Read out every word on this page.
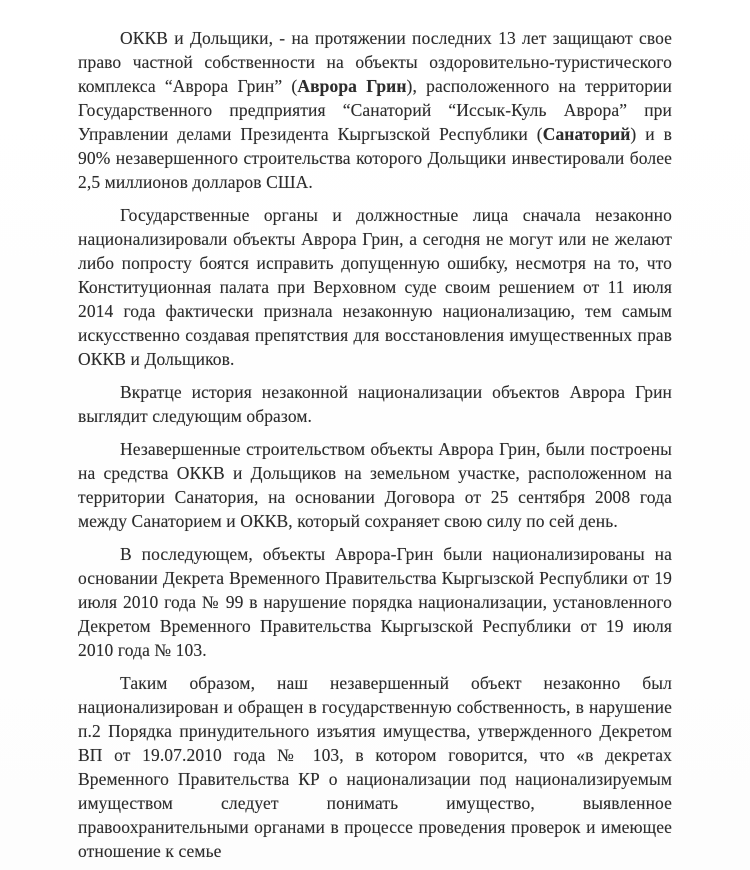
ОККВ и Дольщики, - на протяжении последних 13 лет защищают свое право частной собственности на объекты оздоровительно-туристического комплекса “Аврора Грин” (Аврора Грин), расположенного на территории Государственного предприятия “Санаторий “Иссык-Куль Аврора” при Управлении делами Президента Кыргызской Республики (Санаторий) и в 90% незавершенного строительства которого Дольщики инвестировали более 2,5 миллионов долларов США.

Государственные органы и должностные лица сначала незаконно национализировали объекты Аврора Грин, а сегодня не могут или не желают либо попросту боятся исправить допущенную ошибку, несмотря на то, что Конституционная палата при Верховном суде своим решением от 11 июля 2014 года фактически признала незаконную национализацию, тем самым искусственно создавая препятствия для восстановления имущественных прав ОККВ и Дольщиков.

Вкратце история незаконной национализации объектов Аврора Грин выглядит следующим образом.

Незавершенные строительством объекты Аврора Грин, были построены на средства ОККВ и Дольщиков на земельном участке, расположенном на территории Санатория, на основании Договора от 25 сентября 2008 года между Санаторием и ОККВ, который сохраняет свою силу по сей день.

В последующем, объекты Аврора-Грин были национализированы на основании Декрета Временного Правительства Кыргызской Республики от 19 июля 2010 года № 99 в нарушение порядка национализации, установленного Декретом Временного Правительства Кыргызской Республики от 19 июля 2010 года № 103.

Таким образом, наш незавершенный объект незаконно был национализирован и обращен в государственную собственность, в нарушение п.2 Порядка принудительного изъятия имущества, утвержденного Декретом ВП от 19.07.2010 года № 103, в котором говорится, что «в декретах Временного Правительства КР о национализации под национализируемым имуществом следует понимать имущество, выявленное правоохранительными органами в процессе проведения проверок и имеющее отношение к семье
